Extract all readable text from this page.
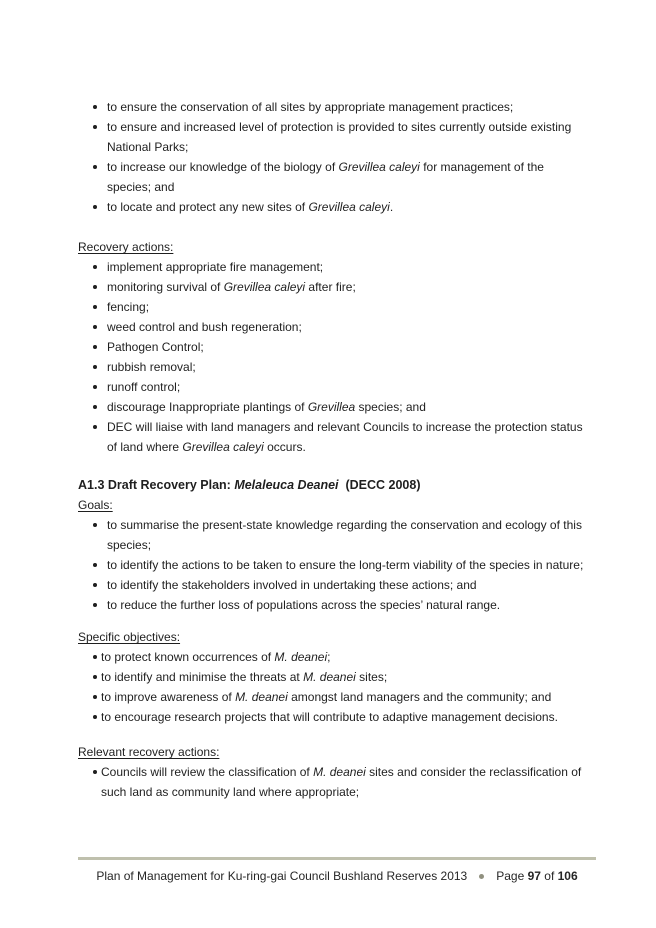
to ensure the conservation of all sites by appropriate management practices;
to ensure and increased level of protection is provided to sites currently outside existing National Parks;
to increase our knowledge of the biology of Grevillea caleyi for management of the species; and
to locate and protect any new sites of Grevillea caleyi.
Recovery actions:
implement appropriate fire management;
monitoring survival of Grevillea caleyi after fire;
fencing;
weed control and bush regeneration;
Pathogen Control;
rubbish removal;
runoff control;
discourage Inappropriate plantings of Grevillea species; and
DEC will liaise with land managers and relevant Councils to increase the protection status of land where Grevillea caleyi occurs.
A1.3 Draft Recovery Plan: Melaleuca Deanei  (DECC 2008)
Goals:
to summarise the present-state knowledge regarding the conservation and ecology of this species;
to identify the actions to be taken to ensure the long-term viability of the species in nature;
to identify the stakeholders involved in undertaking these actions; and
to reduce the further loss of populations across the species’ natural range.
Specific objectives:
to protect known occurrences of M. deanei;
to identify and minimise the threats at M. deanei sites;
to improve awareness of M. deanei amongst land managers and the community; and
to encourage research projects that will contribute to adaptive management decisions.
Relevant recovery actions:
Councils will review the classification of M. deanei sites and consider the reclassification of such land as community land where appropriate;
Plan of Management for Ku-ring-gai Council Bushland Reserves 2013 Page 97 of 106
